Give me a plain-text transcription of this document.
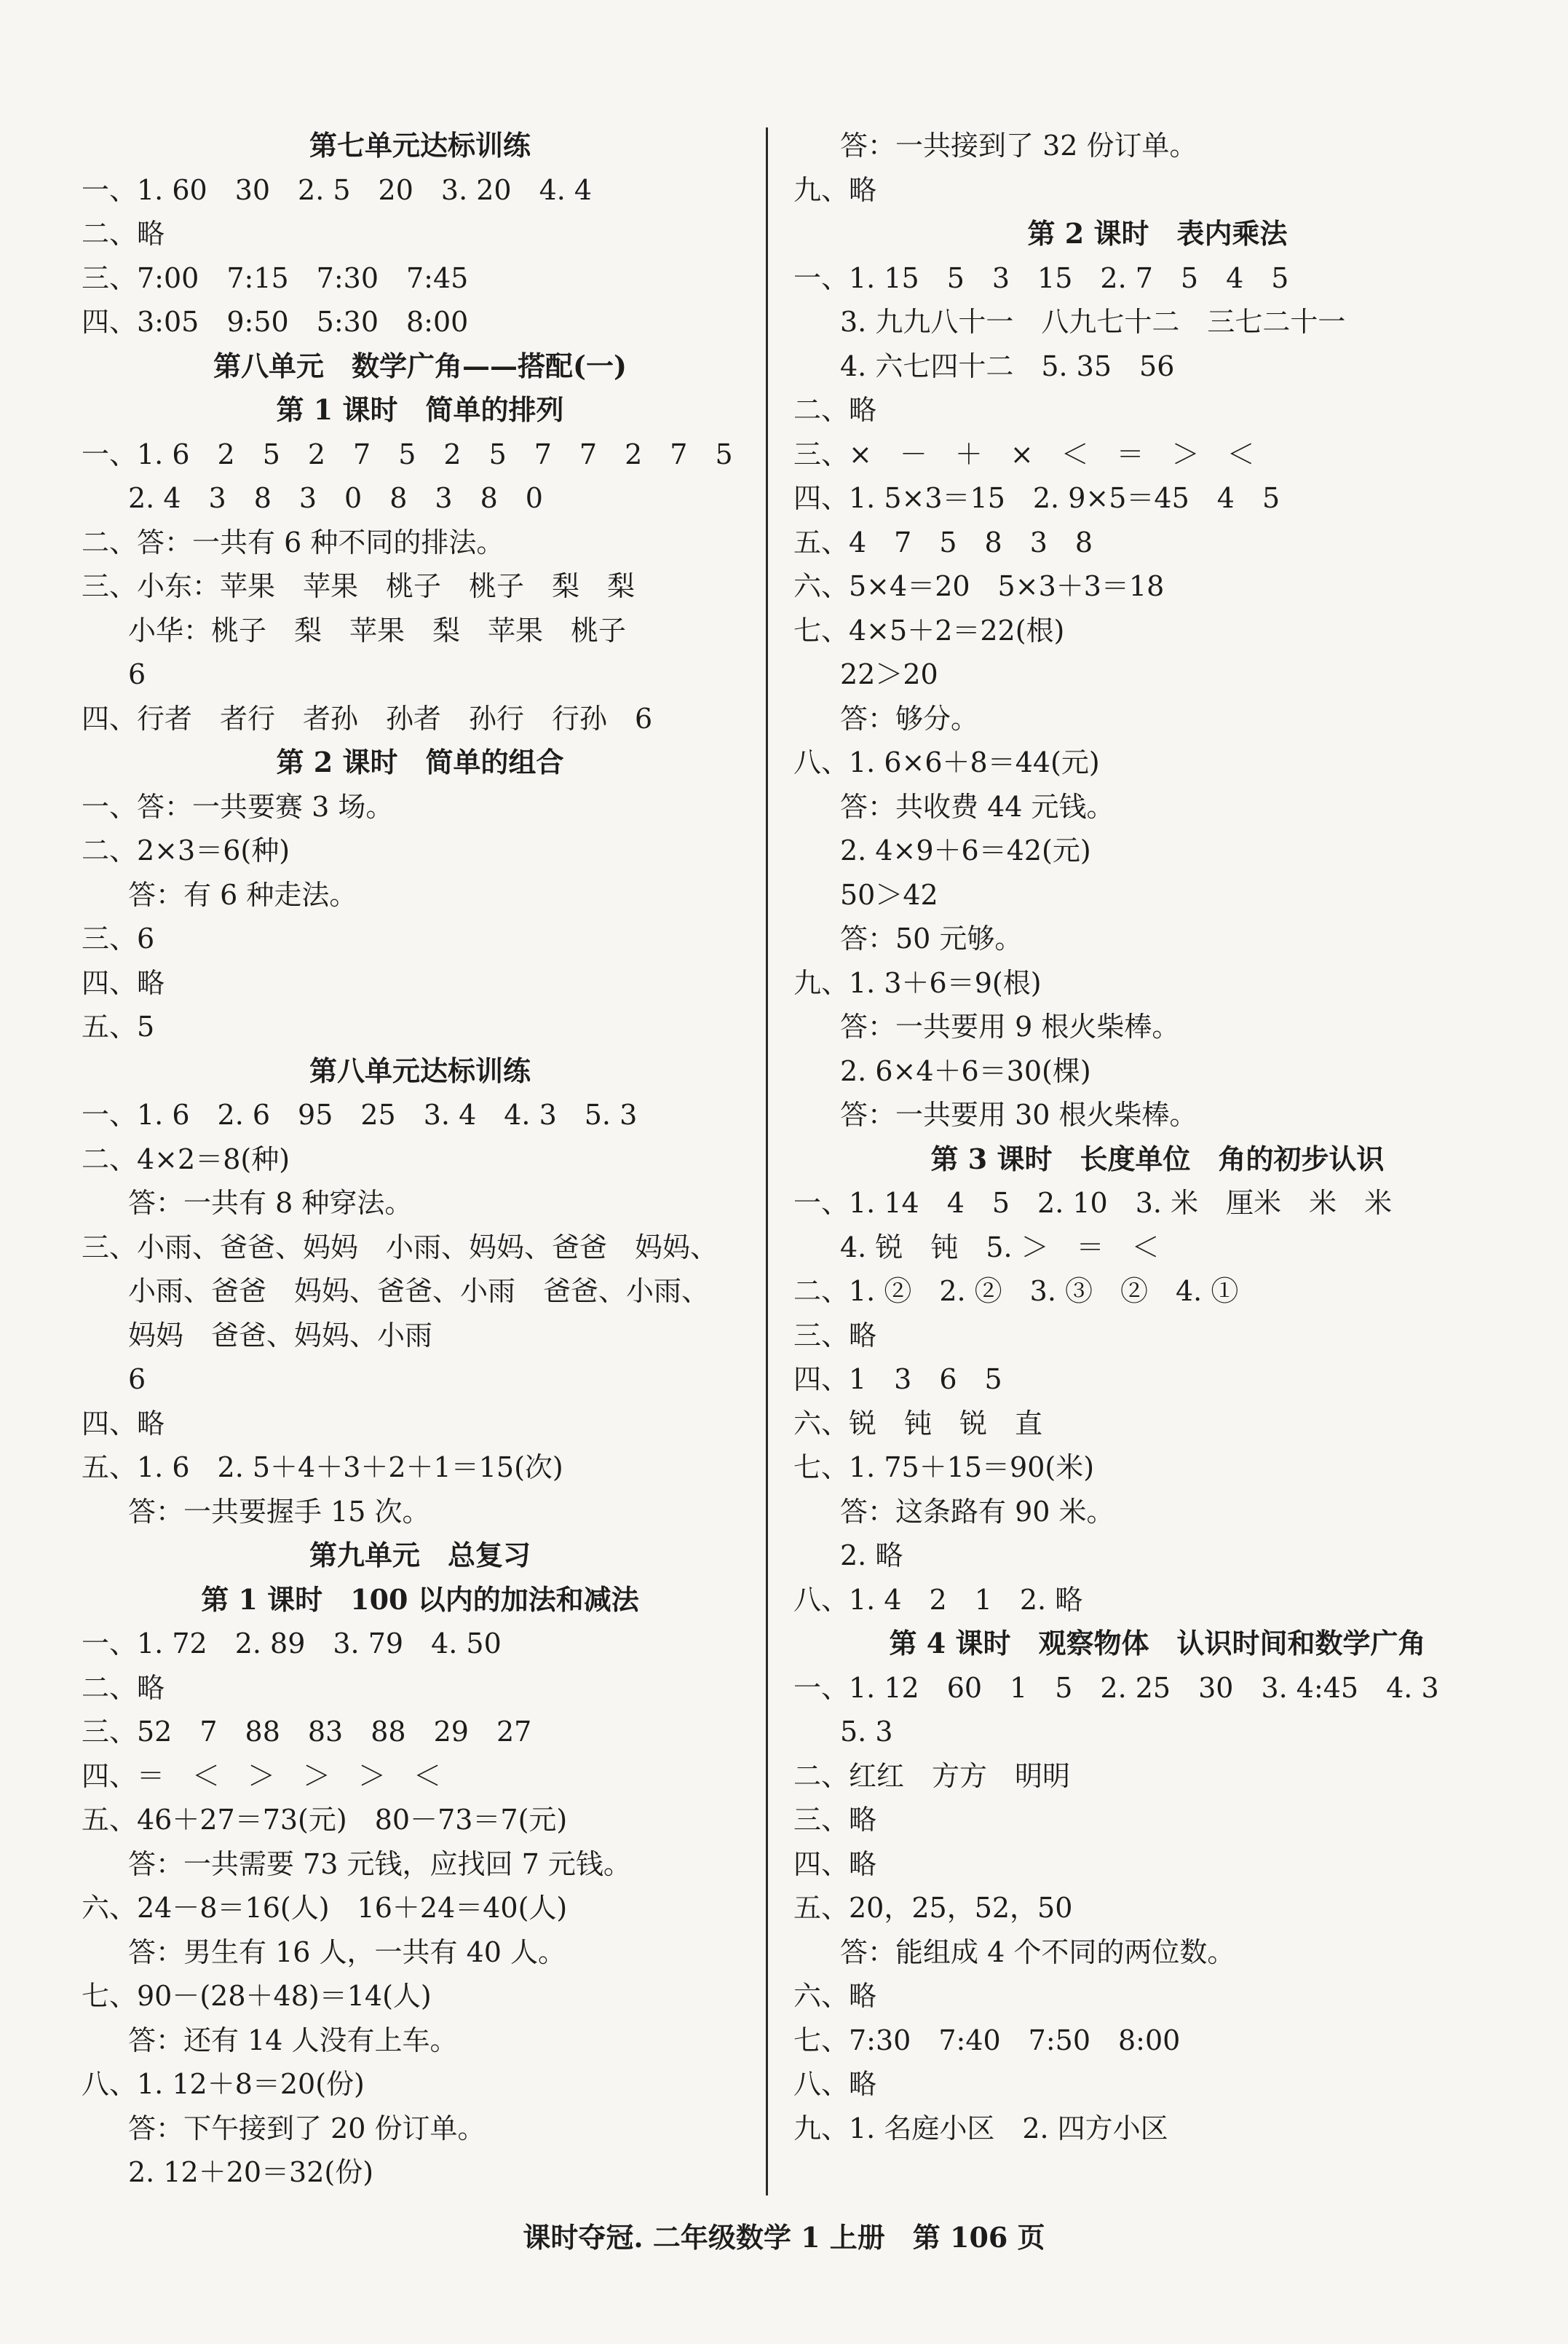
第七单元达标训练
一、1. 60　30　2. 5　20　3. 20　4. 4
二、略
三、7:00　7:15　7:30　7:45
四、3:05　9:50　5:30　8:00
第八单元　数学广角——搭配(一)
第 1 课时　简单的排列
一、1. 6　2　5　2　7　5　2　5　7　7　2　7　5
2. 4　3　8　3　0　8　3　8　0
二、答：一共有 6 种不同的排法。
三、小东：苹果　苹果　桃子　桃子　梨　梨
小华：桃子　梨　苹果　梨　苹果　桃子
6
四、行者　者行　者孙　孙者　孙行　行孙　6
第 2 课时　简单的组合
一、答：一共要赛 3 场。
二、2×3＝6(种)
答：有 6 种走法。
三、6
四、略
五、5
第八单元达标训练
一、1. 6　2. 6　95　25　3. 4　4. 3　5. 3
二、4×2＝8(种)
答：一共有 8 种穿法。
三、小雨、爸爸、妈妈　小雨、妈妈、爸爸　妈妈、
小雨、爸爸　妈妈、爸爸、小雨　爸爸、小雨、
妈妈　爸爸、妈妈、小雨
6
四、略
五、1. 6　2. 5＋4＋3＋2＋1＝15(次)
答：一共要握手 15 次。
第九单元　总复习
第 1 课时　100 以内的加法和减法
一、1. 72　2. 89　3. 79　4. 50
二、略
三、52　7　88　83　88　29　27
四、＝　＜　＞　＞　＞　＜
五、46＋27＝73(元)　80－73＝7(元)
答：一共需要 73 元钱，应找回 7 元钱。
六、24－8＝16(人)　16＋24＝40(人)
答：男生有 16 人，一共有 40 人。
七、90－(28＋48)＝14(人)
答：还有 14 人没有上车。
八、1. 12＋8＝20(份)
答：下午接到了 20 份订单。
2. 12＋20＝32(份)
答：一共接到了 32 份订单。
九、略
第 2 课时　表内乘法
一、1. 15　5　3　15　2. 7　5　4　5
3. 九九八十一　八九七十二　三七二十一
4. 六七四十二　5. 35　56
二、略
三、×　－　＋　×　＜　＝　＞　＜
四、1. 5×3＝15　2. 9×5＝45　4　5
五、4　7　5　8　3　8
六、5×4＝20　5×3＋3＝18
七、4×5＋2＝22(根)
22＞20
答：够分。
八、1. 6×6＋8＝44(元)
答：共收费 44 元钱。
2. 4×9＋6＝42(元)
50＞42
答：50 元够。
九、1. 3＋6＝9(根)
答：一共要用 9 根火柴棒。
2. 6×4＋6＝30(棵)
答：一共要用 30 根火柴棒。
第 3 课时　长度单位　角的初步认识
一、1. 14　4　5　2. 10　3. 米　厘米　米　米
4. 锐　钝　5. ＞　＝　＜
二、1. ②　2. ②　3. ③　②　4. ①
三、略
四、1　3　6　5
六、锐　钝　锐　直
七、1. 75＋15＝90(米)
答：这条路有 90 米。
2. 略
八、1. 4　2　1　2. 略
第 4 课时　观察物体　认识时间和数学广角
一、1. 12　60　1　5　2. 25　30　3. 4:45　4. 3
5. 3
二、红红　方方　明明
三、略
四、略
五、20，25，52，50
答：能组成 4 个不同的两位数。
六、略
七、7:30　7:40　7:50　8:00
八、略
九、1. 名庭小区　2. 四方小区
课时夺冠. 二年级数学 1 上册　第 106 页
